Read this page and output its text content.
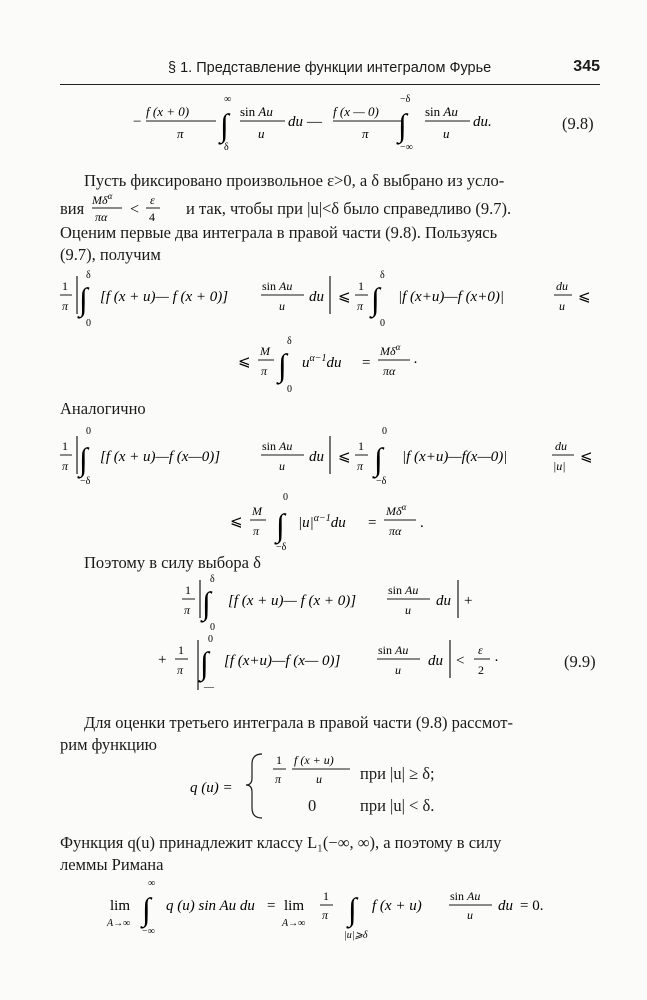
§ 1. Представление функции интегралом Фурье	345
−
f (x + 0)
π ∫
∞
δ
sin Au
u
du —
f (x — 0)
π ∫
−δ
−∞
sin Au
u
du.	(9.8)
Пусть фиксировано произвольное ε>0, а δ выбрано из усло-
вия $M\delta^\alpha$
πα <
ε
4 и так, чтобы при |u|<δ было справедливо (9.7).
Оценим первые два интеграла в правой части (9.8). Пользуясь
(9.7), получим
1
π ∫
δ
0
[f (x + u)— f (x + 0)]
sin Au
u
du ⩽
1
π ∫
δ
0
|f (x+u)—f (x+0)|
du
u
⩽
⩽
M
π ∫
δ
0
$u^{\alpha-1}du$ =
$M\delta^\alpha$
πα ·
Аналогично
1
π ∫
0
−δ
[f (x + u)—f (x—0)]
sin Au
u
du ⩽
1
π ∫
0
−δ
|f (x+u)—f(x—0)|
du
|u|
⩽
⩽
M
π ∫
0
−δ
$|u|^{\alpha-1}du$ =
$M\delta^\alpha$
πα .
Поэтому в силу выбора δ
1
π ∫
δ
0
[f (x + u)— f (x + 0)]
sin Au
u
du +
+
1
π ∫
0
—
[f (x+u)—f (x— 0)]
sin Au
u
du <
ε
2
·	(9.9)
Для оценки третьего интеграла в правой части (9.8) рассмот-
рим функцию
q (u) =
1
π
f (x + u)
u при |u| ≥ δ;
0	при |u| < δ.
Функция q(u) принадлежит классу L₁(−∞, ∞), а поэтому в силу
леммы Римана
lim
A→∞ ∫
∞
−∞
q (u) sin Au du = lim
A→∞
1
π ∫
|u|⩾δ
f (x + u)
sin Au
u
du = 0.
